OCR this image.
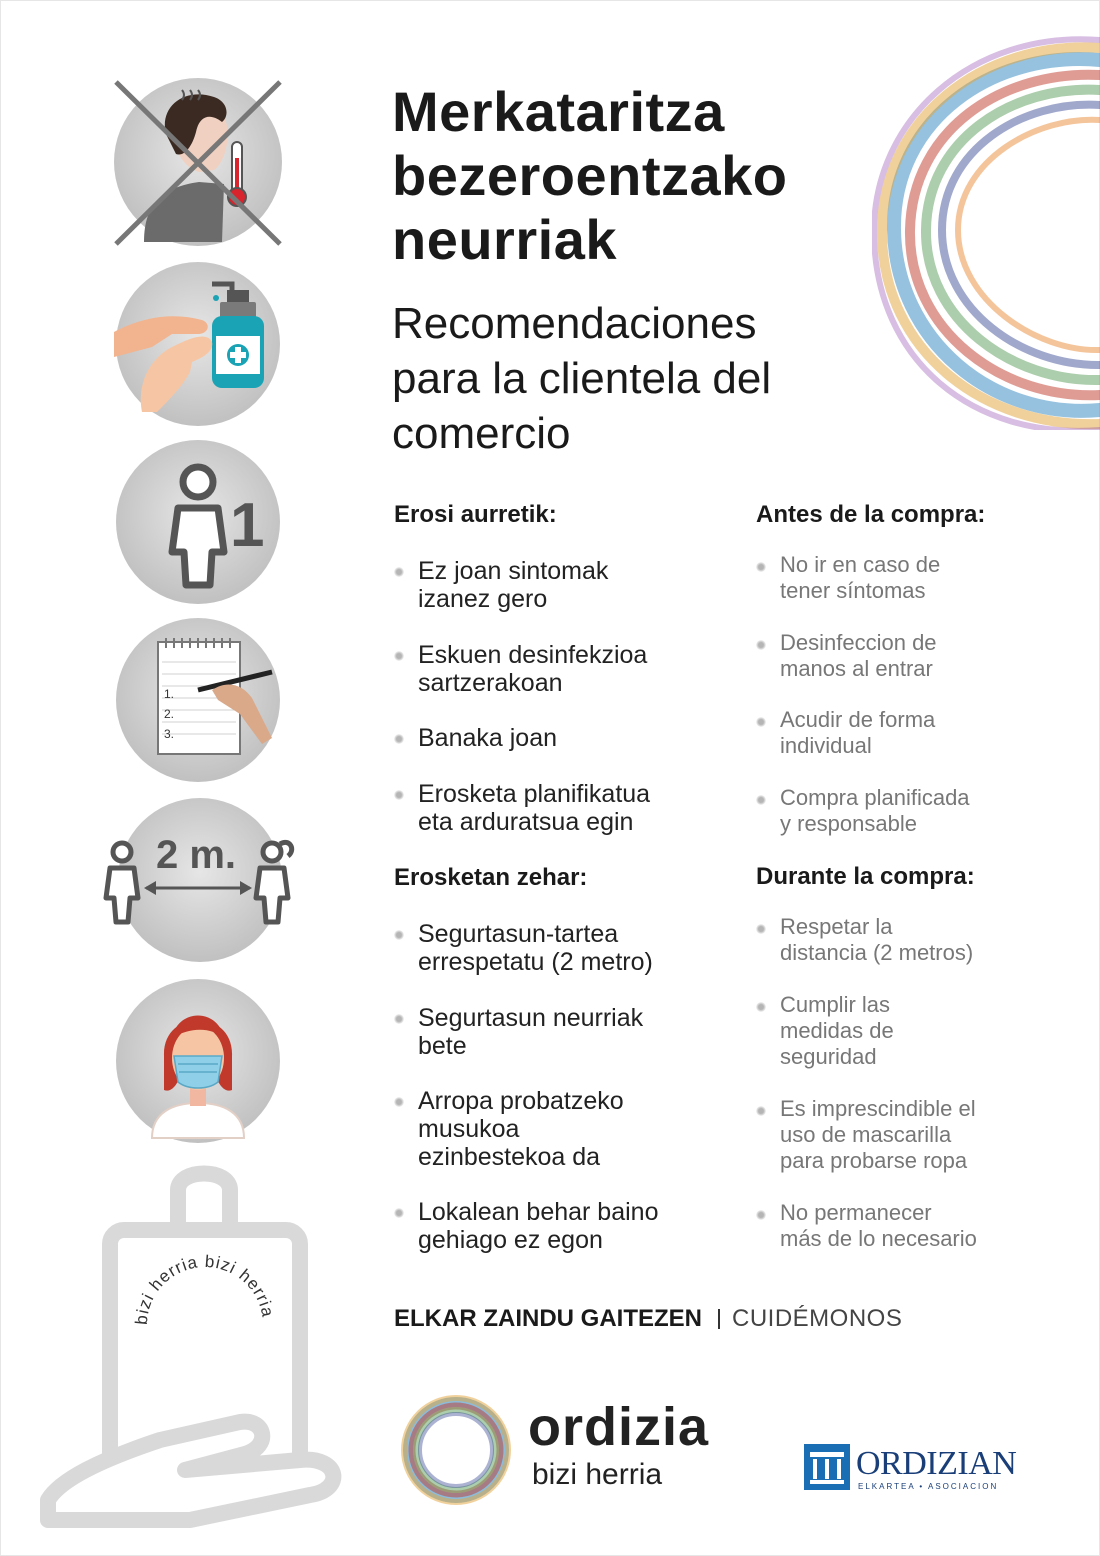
1
1.
2.
3.
2 m.
bizi herria bizi herria
Merkataritza
bezeroentzako
neurriak
Recomendaciones
para la clientela del
comercio
Erosi aurretik:
Ez joan sintomak
izanez gero
Eskuen desinfekzioa
sartzerakoan
Banaka joan
Erosketa planifikatua
eta arduratsua egin
Erosketan zehar:
Segurtasun-tartea
errespetatu (2 metro)
Segurtasun neurriak
bete
Arropa probatzeko
musukoa
ezinbestekoa da
Lokalean behar baino
gehiago ez egon
Antes de la compra:
No ir en caso de
tener síntomas
Desinfeccion de
manos al entrar
Acudir de forma
individual
Compra planificada
y responsable
Durante la compra:
Respetar la
distancia (2 metros)
Cumplir las
medidas de
seguridad
Es imprescindible el
uso de mascarilla
para probarse ropa
No permanecer
más de lo necesario
ELKAR ZAINDU GAITEZEN CUIDÉMONOS
ordizia
bizi herria	ORDIZIAN
ELKARTEA • ASOCIACION
